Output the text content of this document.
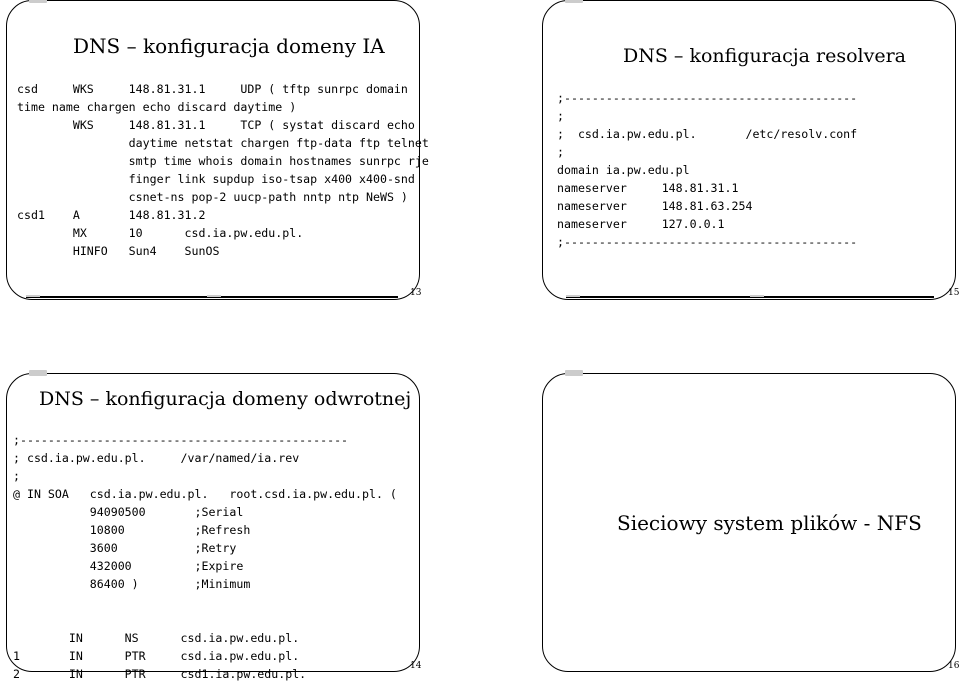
DNS – konfiguracja domeny IA
csd     WKS     148.81.31.1     UDP ( tftp sunrpc domain
time name chargen echo discard daytime )
WKS     148.81.31.1     TCP ( systat discard echo
daytime netstat chargen ftp-data ftp telnet
smtp time whois domain hostnames sunrpc rje
finger link supdup iso-tsap x400 x400-snd
csnet-ns pop-2 uucp-path nntp ntp NeWS )
csd1    A       148.81.31.2
MX      10      csd.ia.pw.edu.pl.
HINFO   Sun4    SunOS
13
DNS – konfiguracja resolvera
;------------------------------------------
;
;  csd.ia.pw.edu.pl.       /etc/resolv.conf
;
domain ia.pw.edu.pl
nameserver     148.81.31.1
nameserver     148.81.63.254
nameserver     127.0.0.1
;------------------------------------------
15
DNS – konfiguracja domeny odwrotnej
;-----------------------------------------------
; csd.ia.pw.edu.pl.     /var/named/ia.rev
;
@ IN SOA   csd.ia.pw.edu.pl.   root.csd.ia.pw.edu.pl. (
94090500       ;Serial
10800          ;Refresh
3600           ;Retry
432000         ;Expire
86400 )        ;Minimum

IN      NS      csd.ia.pw.edu.pl.
1       IN      PTR     csd.ia.pw.edu.pl.
2       IN      PTR     csd1.ia.pw.edu.pl.
14
Sieciowy system plików - NFS
16
